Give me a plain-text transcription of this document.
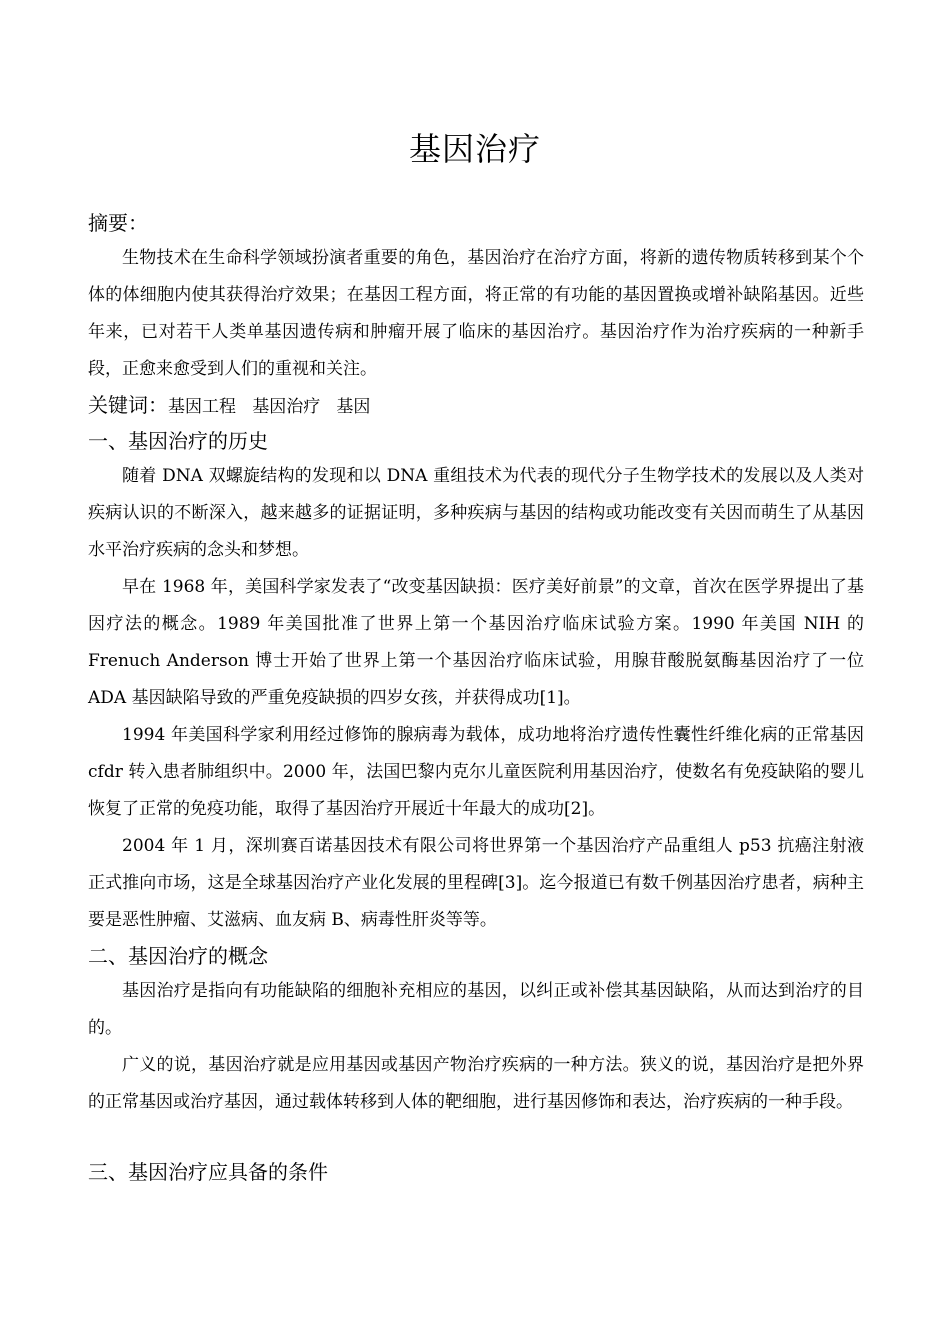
基因治疗

摘要：

生物技术在生命科学领域扮演者重要的角色，基因治疗在治疗方面，将新的遗传物质转移到某个个体的体细胞内使其获得治疗效果；在基因工程方面，将正常的有功能的基因置换或增补缺陷基因。近些年来，已对若干人类单基因遗传病和肿瘤开展了临床的基因治疗。基因治疗作为治疗疾病的一种新手段，正愈来愈受到人们的重视和关注。

关键词：基因工程   基因治疗   基因

一、基因治疗的历史

随着 DNA 双螺旋结构的发现和以 DNA 重组技术为代表的现代分子生物学技术的发展以及人类对疾病认识的不断深入，越来越多的证据证明，多种疾病与基因的结构或功能改变有关因而萌生了从基因水平治疗疾病的念头和梦想。

早在 1968 年，美国科学家发表了“改变基因缺损：医疗美好前景”的文章，首次在医学界提出了基因疗法的概念。1989 年美国批准了世界上第一个基因治疗临床试验方案。1990 年美国 NIH 的 Frenuch Anderson 博士开始了世界上第一个基因治疗临床试验，用腺苷酸脱氨酶基因治疗了一位 ADA 基因缺陷导致的严重免疫缺损的四岁女孩，并获得成功[1]。

1994 年美国科学家利用经过修饰的腺病毒为载体，成功地将治疗遗传性囊性纤维化病的正常基因 cfdr 转入患者肺组织中。2000 年，法国巴黎内克尔儿童医院利用基因治疗，使数名有免疫缺陷的婴儿恢复了正常的免疫功能，取得了基因治疗开展近十年最大的成功[2]。

2004 年 1 月，深圳赛百诺基因技术有限公司将世界第一个基因治疗产品重组人 p53 抗癌注射液正式推向市场，这是全球基因治疗产业化发展的里程碑[3]。迄今报道已有数千例基因治疗患者，病种主要是恶性肿瘤、艾滋病、血友病 B、病毒性肝炎等等。

二、基因治疗的概念

基因治疗是指向有功能缺陷的细胞补充相应的基因，以纠正或补偿其基因缺陷，从而达到治疗的目的。

广义的说，基因治疗就是应用基因或基因产物治疗疾病的一种方法。狭义的说，基因治疗是把外界的正常基因或治疗基因，通过载体转移到人体的靶细胞，进行基因修饰和表达，治疗疾病的一种手段。

三、基因治疗应具备的条件
